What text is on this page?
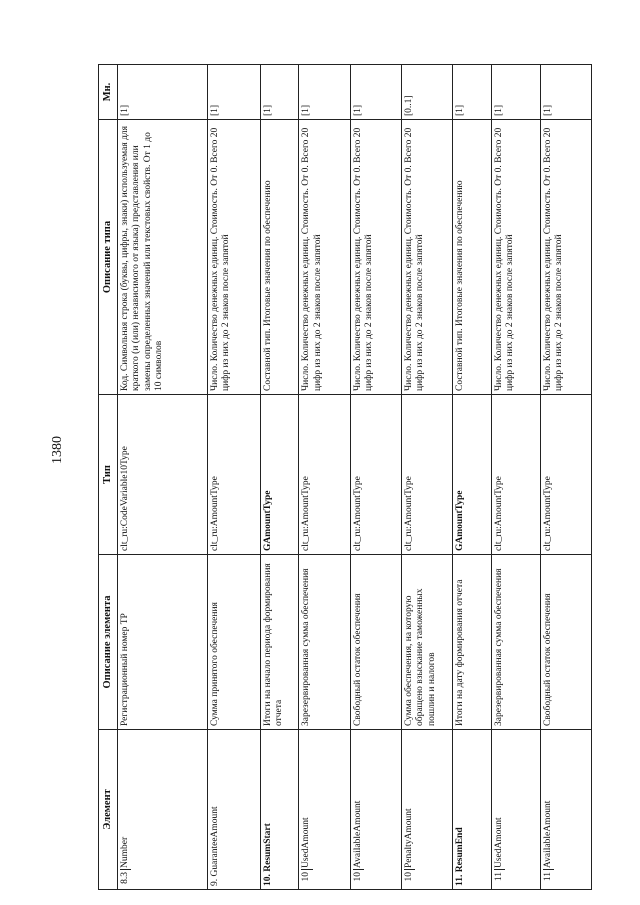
1380
Элемент	Описание элемента	Тип	Описание типа	Мн.
8.3Number	Регистрационный номер ТР	clt_ru:CodeVariable10Type	Код. Символьная строка (буквы, цифры, знаки) используемая для краткого (и (или) независимого от языка) представления или замены определенных значений или текстовых свойств. От 1 до 10 символов	[1]
9. GuaranteeAmount	Сумма принятого обеспечения	clt_ru:AmountType	Число. Количество денежных единиц. Стоимость. От 0. Всего 20 цифр из них до 2 знаков после запятой	[1]
10. ResumStart	Итоги на начало периода формирования отчета	GAmountType	Составной тип. Итоговые значения по обеспечению	[1]
10UsedAmount	Зарезервированная сумма обеспечения	clt_ru:AmountType	Число. Количество денежных единиц. Стоимость. От 0. Всего 20 цифр из них до 2 знаков после запятой	[1]
10AvailableAmount	Свободный остаток обеспечения	clt_ru:AmountType	Число. Количество денежных единиц. Стоимость. От 0. Всего 20 цифр из них до 2 знаков после запятой	[1]
10PenaltyAmount	Сумма обеспечения, на которую обращено взыскание таможенных пошлин и налогов	clt_ru:AmountType	Число. Количество денежных единиц. Стоимость. От 0. Всего 20 цифр из них до 2 знаков после запятой	[0..1]
11. ResumEnd	Итоги на дату формирования отчета	GAmountType	Составной тип. Итоговые значения по обеспечению	[1]
11UsedAmount	Зарезервированная сумма обеспечения	clt_ru:AmountType	Число. Количество денежных единиц. Стоимость. От 0. Всего 20 цифр из них до 2 знаков после запятой	[1]
11AvailableAmount	Свободный остаток обеспечения	clt_ru:AmountType	Число. Количество денежных единиц. Стоимость. От 0. Всего 20 цифр из них до 2 знаков после запятой	[1]
